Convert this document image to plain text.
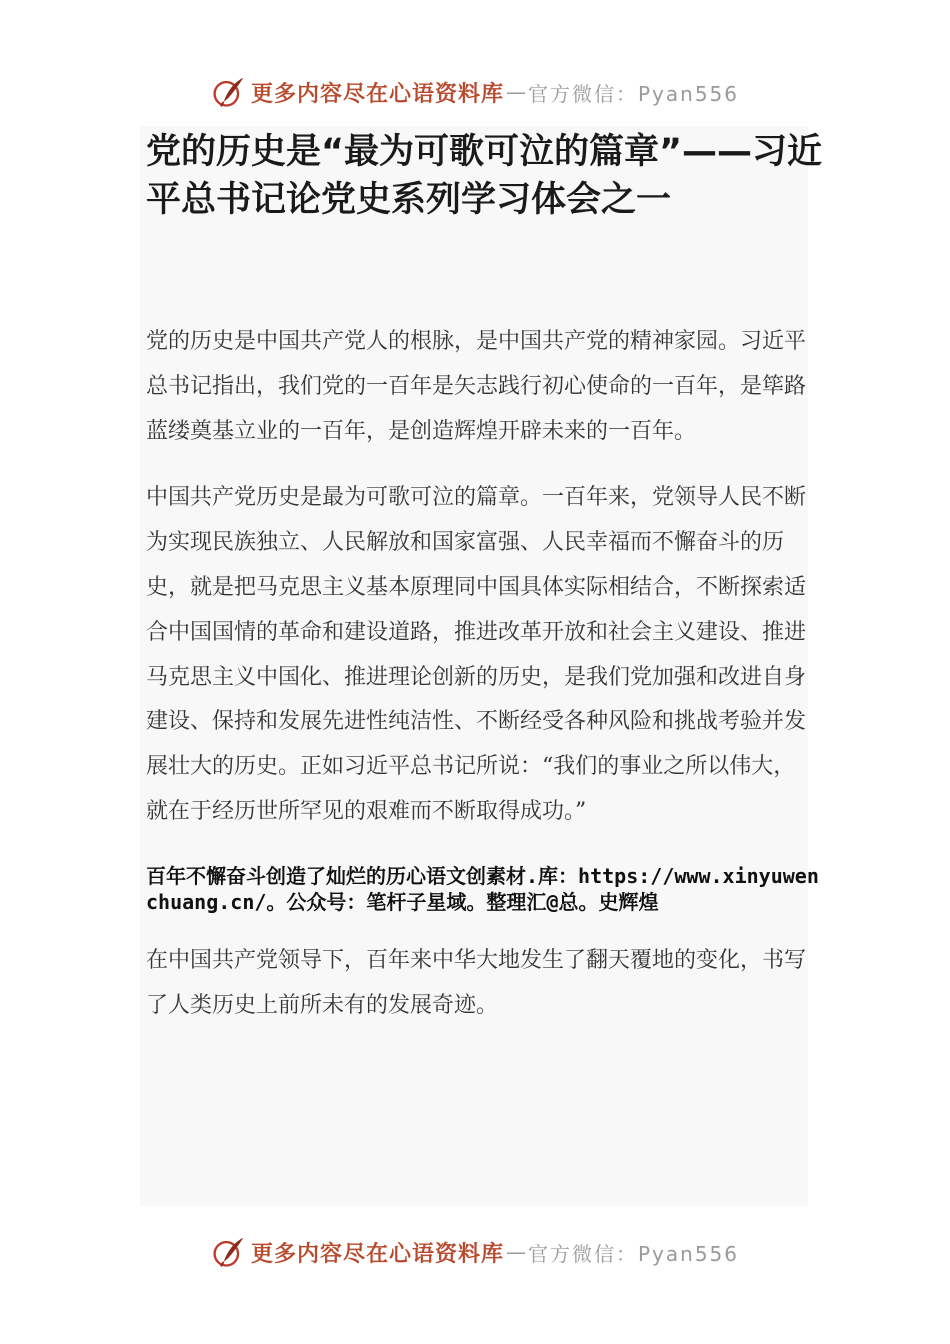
更多内容尽在心语资料库 — 官方微信：Pyan556
党的历史是“最为可歌可泣的篇章”——习近平总书记论党史系列学习体会之一

党的历史是中国共产党人的根脉，是中国共产党的精神家园。习近平总书记指出，我们党的一百年是矢志践行初心使命的一百年，是筚路蓝缕奠基立业的一百年，是创造辉煌开辟未来的一百年。

中国共产党历史是最为可歌可泣的篇章。一百年来，党领导人民不断为实现民族独立、人民解放和国家富强、人民幸福而不懈奋斗的历史，就是把马克思主义基本原理同中国具体实际相结合，不断探索适合中国国情的革命和建设道路，推进改革开放和社会主义建设、推进马克思主义中国化、推进理论创新的历史，是我们党加强和改进自身建设、保持和发展先进性纯洁性、不断经受各种风险和挑战考验并发展壮大的历史。正如习近平总书记所说：“我们的事业之所以伟大，就在于经历世所罕见的艰难而不断取得成功。”

百年不懈奋斗创造了灿烂的历心语文创素材.库：https://www.xinyuwenchuang.cn/。公众号：笔杆子星域。整理汇@总。史辉煌

在中国共产党领导下，百年来中华大地发生了翻天覆地的变化，书写了人类历史上前所未有的发展奇迹。

更多内容尽在心语资料库 — 官方微信：Pyan556
